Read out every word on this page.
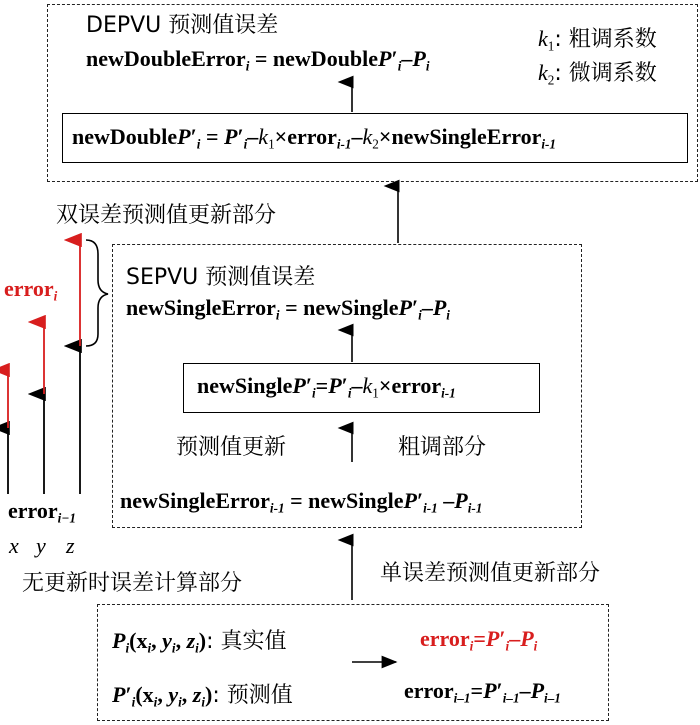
DEPVU 预测值误差
newDoubleError$_i$ = $newDoubleP'_i-P_i$
$k_1$: 粗调系数
$k_2$: 微调系数
$newDoubleP'_i$ = $P'_i-k_1\times error_{i-1}-k_2\times newSingleError_{i-1}$
双误差预测值更新部分
SEPVU 预测值误差
newSingleError$_i$ = $newSingleP'_i-P_i$
$newSingleP'_i=P'_i-k_1\times error_{i-1}$
预测值更新	粗调部分
newSingleError$_{i-1}$ = $newSingleP'_{i-1}$ $-P_{i-1}$
单误差预测值更新部分
无更新时误差计算部分
error$_i$
error$_{i-1}$
x y z
$P_i(x_i$, $y_i$, $z_i$): 真实值
$P'_i(x_i$, $y_i$, $z_i$): 预测值
$error_i=P'_i-P_i$
$error_{i-1}=P'_{i-1}-P_{i-1}$
